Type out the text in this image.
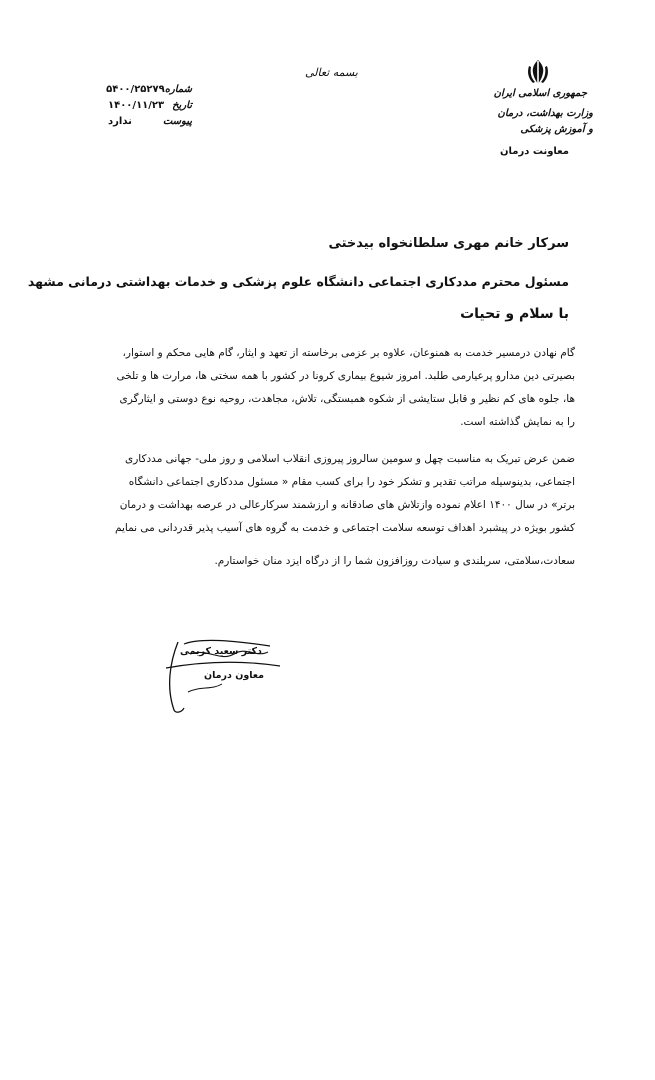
بسمه تعالی
جمهوری اسلامی ایران
وزارت بهداشت، درمان
و آموزش پزشکی
معاونت درمان
شماره
۵۴۰۰/۲۵۲۷۹
تاریخ
۱۴۰۰/۱۱/۲۳
پیوست
ندارد
سرکار خانم مهری سلطانخواه بیدختی
مسئول محترم مددکاری اجتماعی دانشگاه علوم پزشکی و خدمات بهداشتی درمانی مشهد
با سلام و تحیات

گام نهادن درمسیر خدمت به همنوعان، علاوه بر عزمی برخاسته از تعهد و ایثار، گام هایی محکم و استوار،

بصیرتی دین مدارو پرعیارمی طلبد. امروز شیوع بیماری کرونا در کشور با همه سختی ها، مرارت ها و تلخی

ها، جلوه های کم نظیر و قابل ستایشی از شکوه همبستگی، تلاش، مجاهدت، روحیه نوع دوستی و ایثارگری

را به نمایش گذاشته است.

ضمن عرض تبریک به مناسبت چهل و سومین سالروز پیروزی انقلاب اسلامی و روز ملی- جهانی مددکاری

اجتماعی، بدینوسیله مراتب تقدیر و تشکر خود را برای کسب مقام « مسئول مددکاری اجتماعی دانشگاه

برتر» در سال ۱۴۰۰ اعلام نموده وازتلاش های صادقانه و ارزشمند سرکارعالی در عرصه بهداشت و درمان

کشور بویژه در پیشبرد اهداف توسعه سلامت اجتماعی و خدمت به گروه های آسیب پذیر قدردانی می نمایم

سعادت،سلامتی، سربلندی و سیادت روزافزون شما را از درگاه ایزد منان خواستارم.

دکتر سعید کریمی
معاون درمان
